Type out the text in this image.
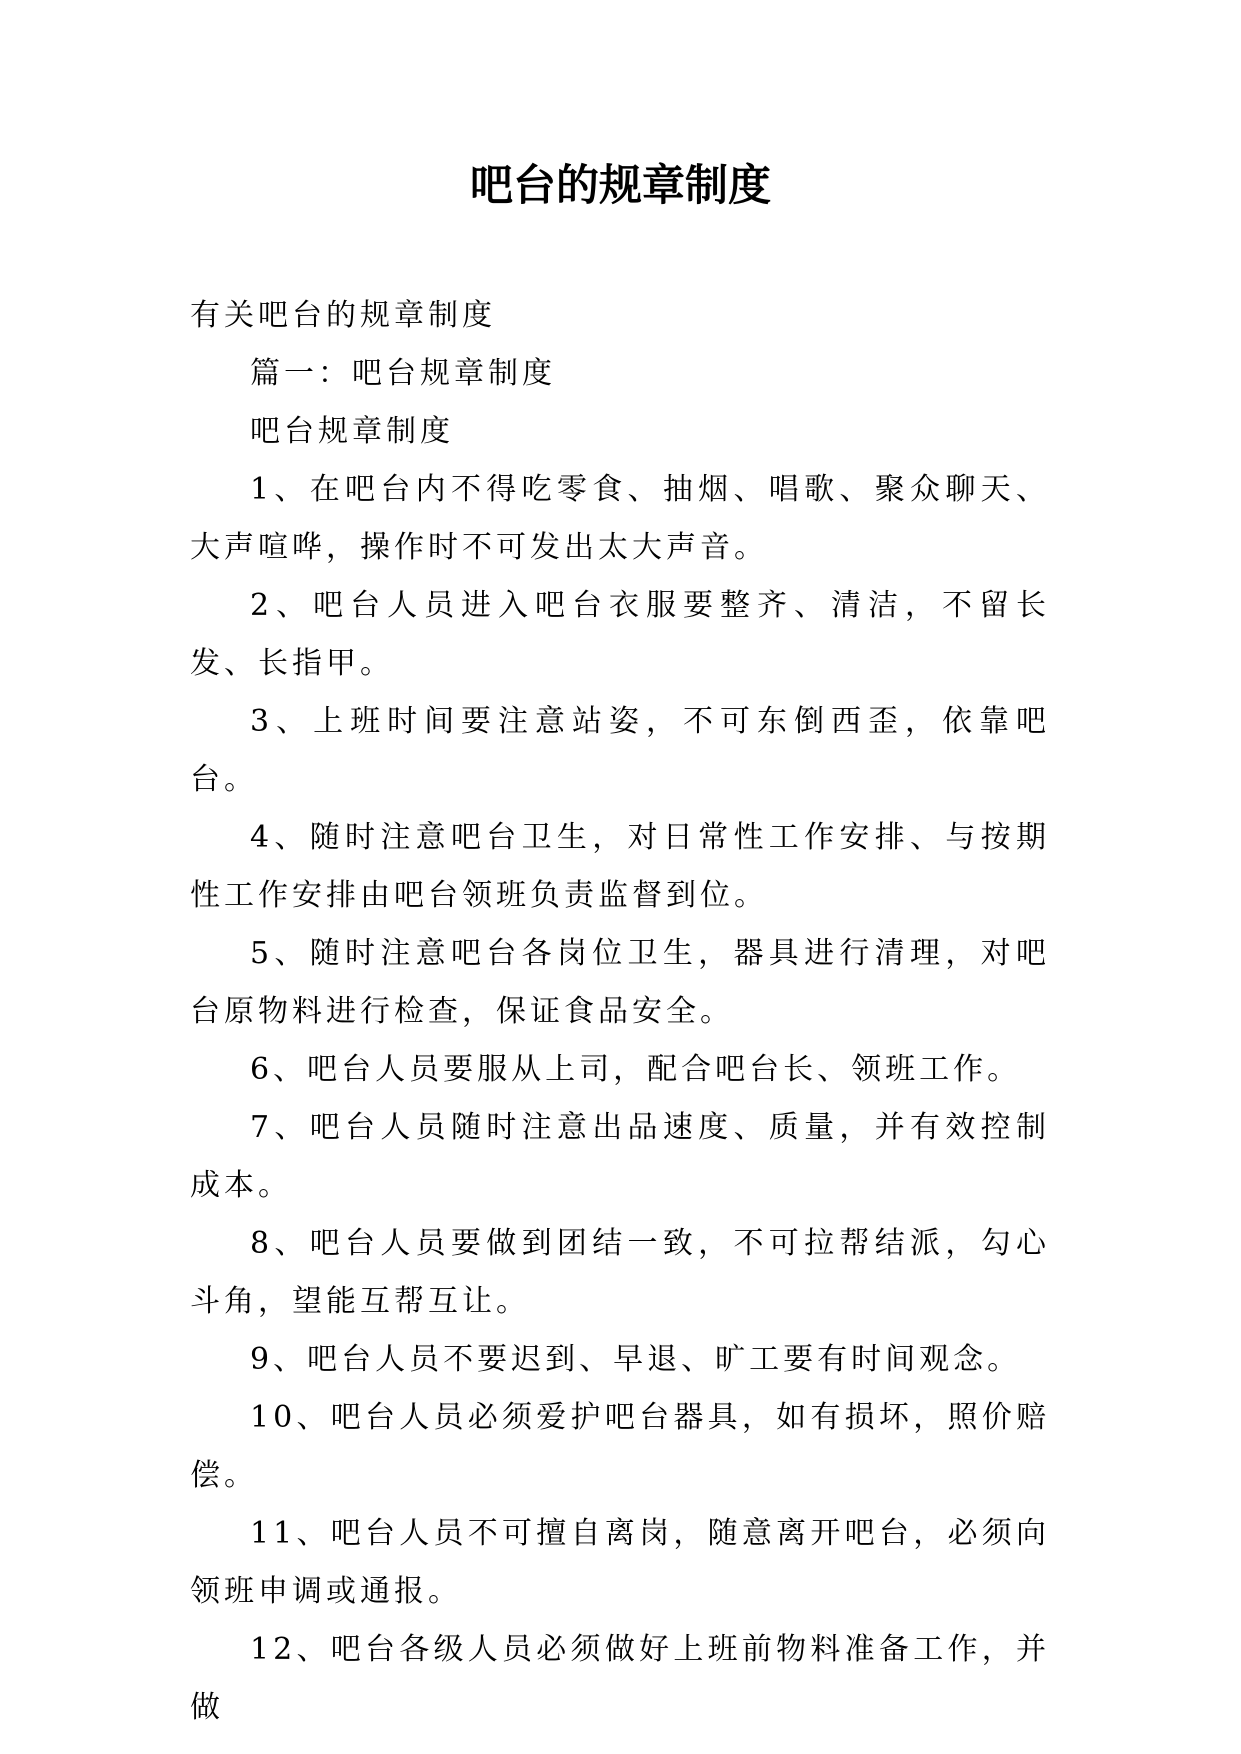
吧台的规章制度

有关吧台的规章制度

篇一：吧台规章制度

吧台规章制度

1、在吧台内不得吃零食、抽烟、唱歌、聚众聊天、大声喧哗，操作时不可发出太大声音。

2、吧台人员进入吧台衣服要整齐、清洁，不留长发、长指甲。

3、上班时间要注意站姿，不可东倒西歪，依靠吧台。

4、随时注意吧台卫生，对日常性工作安排、与按期性工作安排由吧台领班负责监督到位。

5、随时注意吧台各岗位卫生，器具进行清理，对吧台原物料进行检查，保证食品安全。

6、吧台人员要服从上司，配合吧台长、领班工作。

7、吧台人员随时注意出品速度、质量，并有效控制成本。

8、吧台人员要做到团结一致，不可拉帮结派，勾心斗角，望能互帮互让。

9、吧台人员不要迟到、早退、旷工要有时间观念。

10、吧台人员必须爱护吧台器具，如有损坏，照价赔偿。

11、吧台人员不可擅自离岗，随意离开吧台，必须向领班申调或通报。

12、吧台各级人员必须做好上班前物料准备工作，并做
